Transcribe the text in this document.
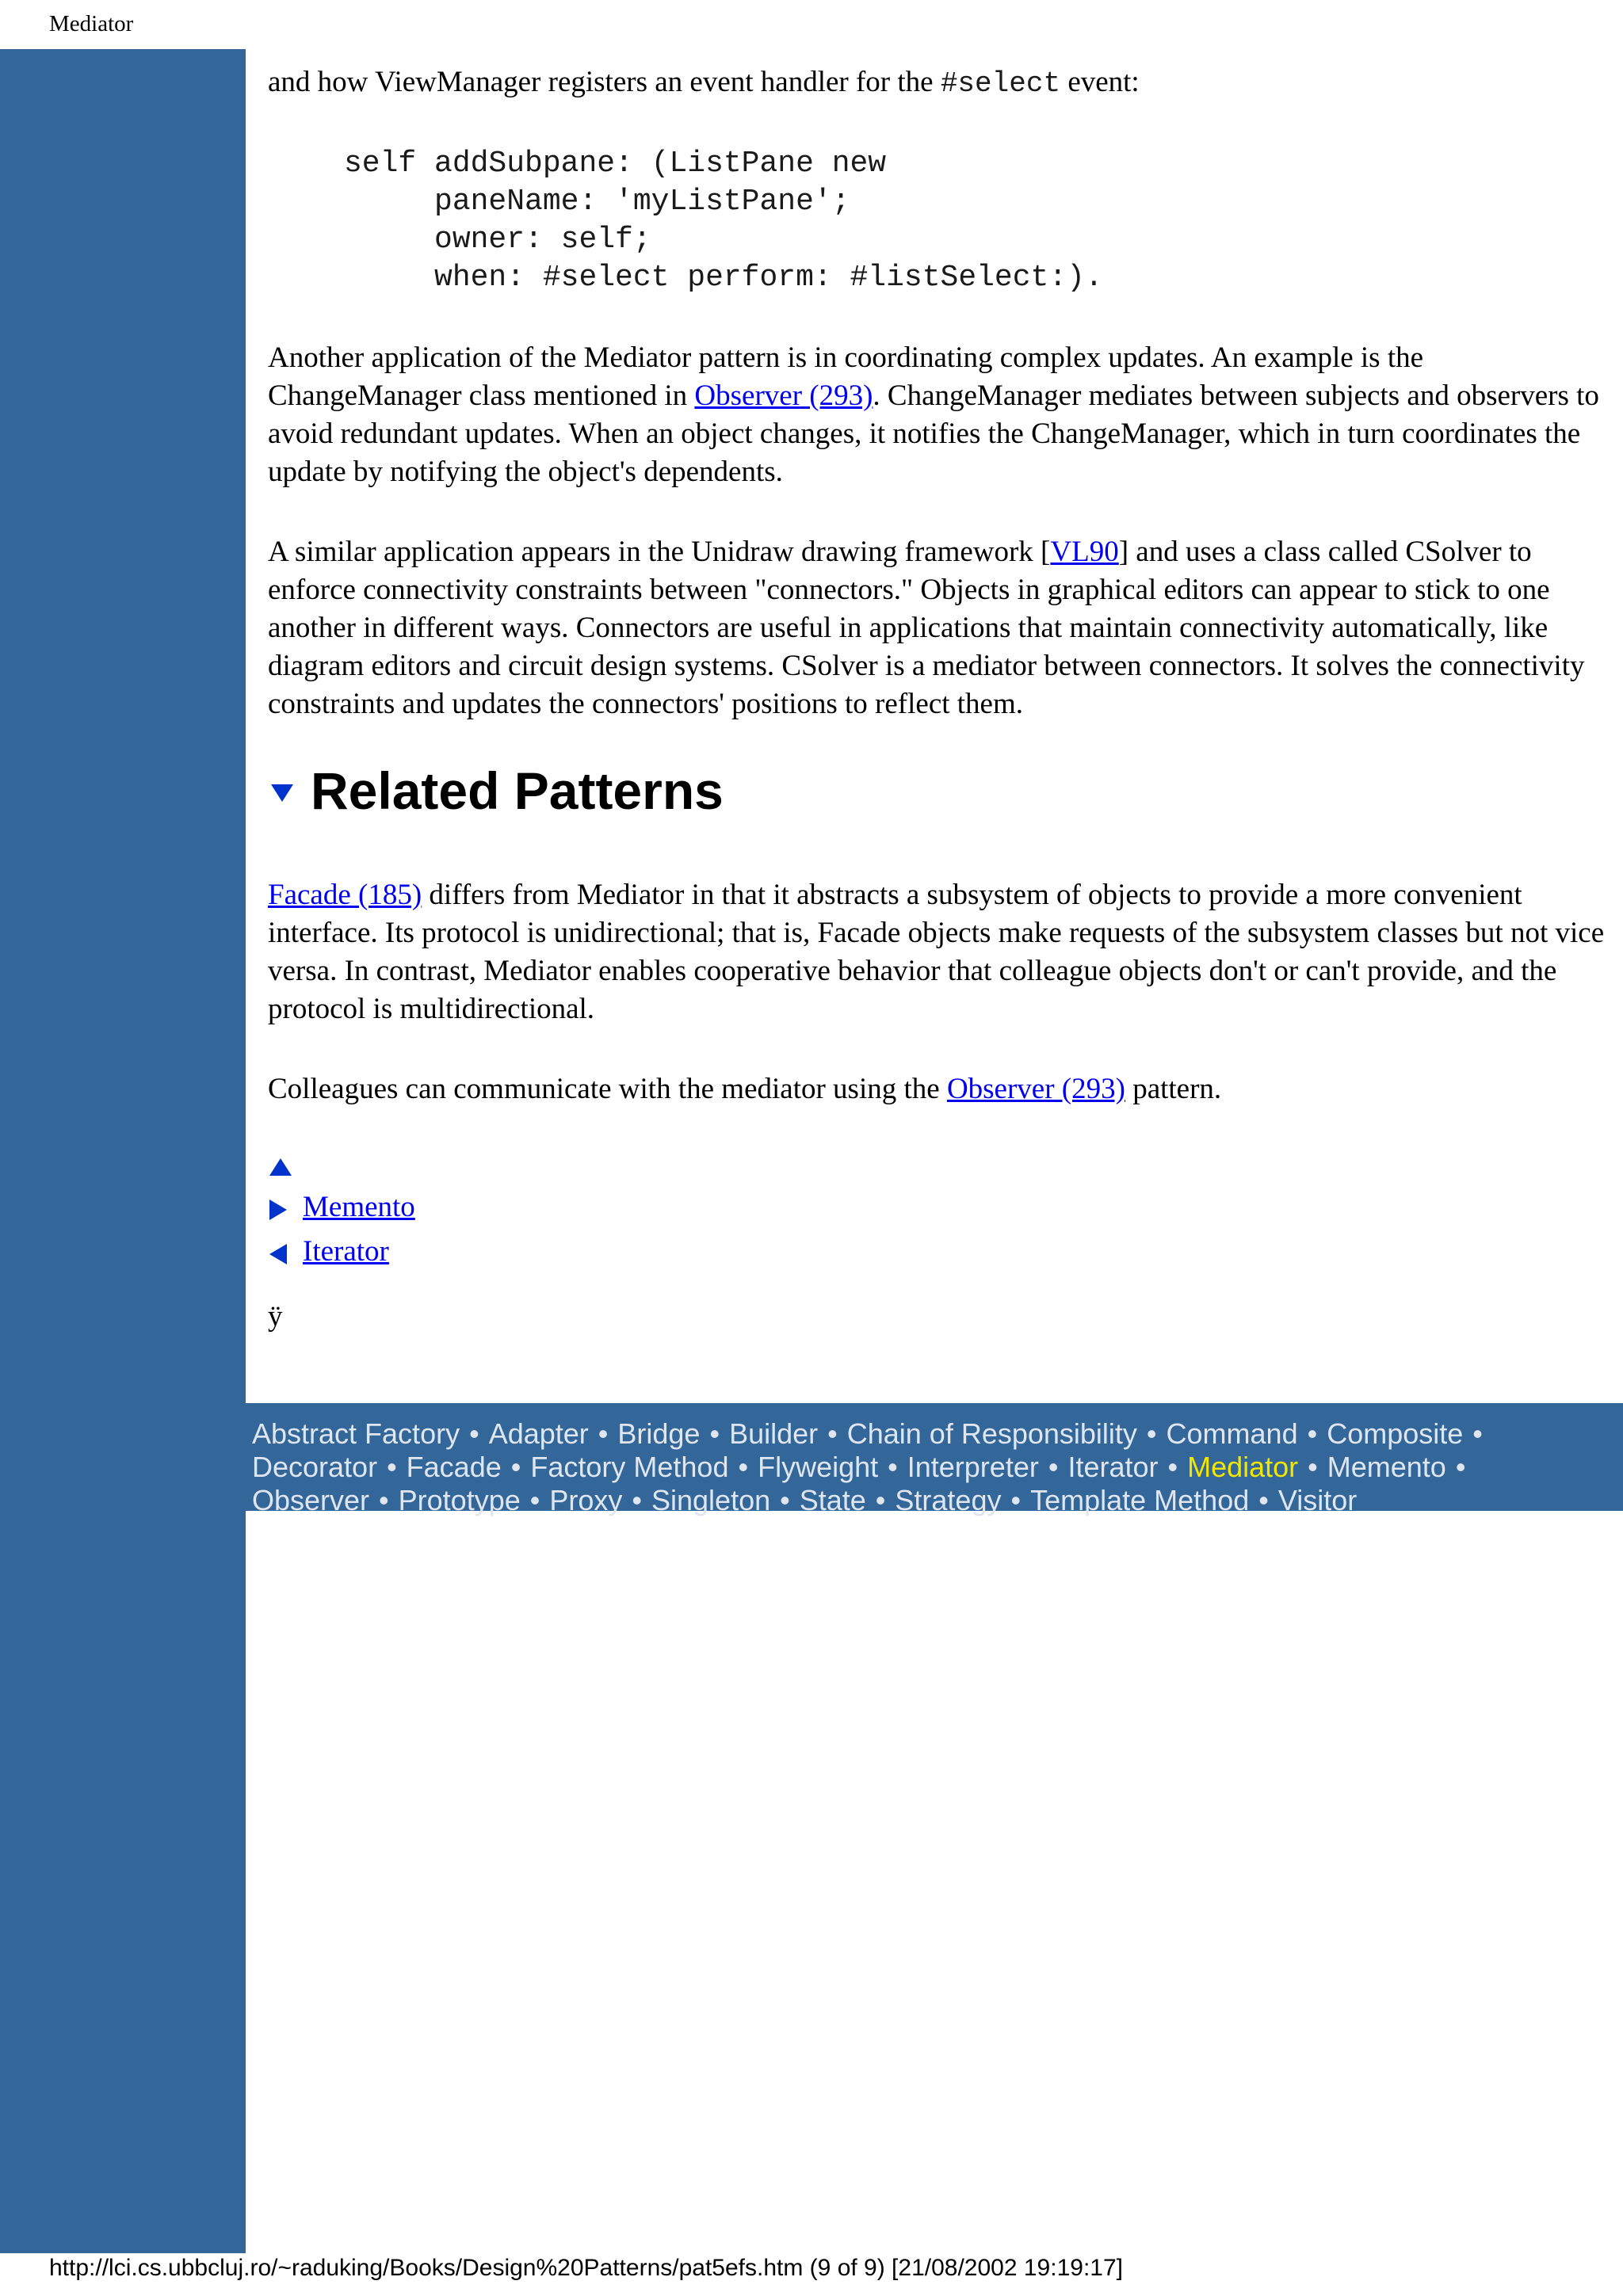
Mediator

and how ViewManager registers an event handler for the #select event:

self addSubpane: (ListPane new
paneName: 'myListPane';
owner: self;
when: #select perform: #listSelect:).

Another application of the Mediator pattern is in coordinating complex updates. An example is the ChangeManager class mentioned in Observer (293). ChangeManager mediates between subjects and observers to avoid redundant updates. When an object changes, it notifies the ChangeManager, which in turn coordinates the update by notifying the object's dependents.

A similar application appears in the Unidraw drawing framework [VL90] and uses a class called CSolver to enforce connectivity constraints between "connectors." Objects in graphical editors can appear to stick to one another in different ways. Connectors are useful in applications that maintain connectivity automatically, like diagram editors and circuit design systems. CSolver is a mediator between connectors. It solves the connectivity constraints and updates the connectors' positions to reflect them.

Related Patterns

Facade (185) differs from Mediator in that it abstracts a subsystem of objects to provide a more convenient interface. Its protocol is unidirectional; that is, Facade objects make requests of the subsystem classes but not vice versa. In contrast, Mediator enables cooperative behavior that colleague objects don't or can't provide, and the protocol is multidirectional.

Colleagues can communicate with the mediator using the Observer (293) pattern.

Memento
Iterator
ÿ
Abstract Factory • Adapter • Bridge • Builder • Chain of Responsibility • Command • Composite •
Decorator • Facade • Factory Method • Flyweight • Interpreter • Iterator • Mediator • Memento •
Observer • Prototype • Proxy • Singleton • State • Strategy • Template Method • Visitor
http://lci.cs.ubbcluj.ro/~raduking/Books/Design%20Patterns/pat5efs.htm (9 of 9) [21/08/2002 19:19:17]
